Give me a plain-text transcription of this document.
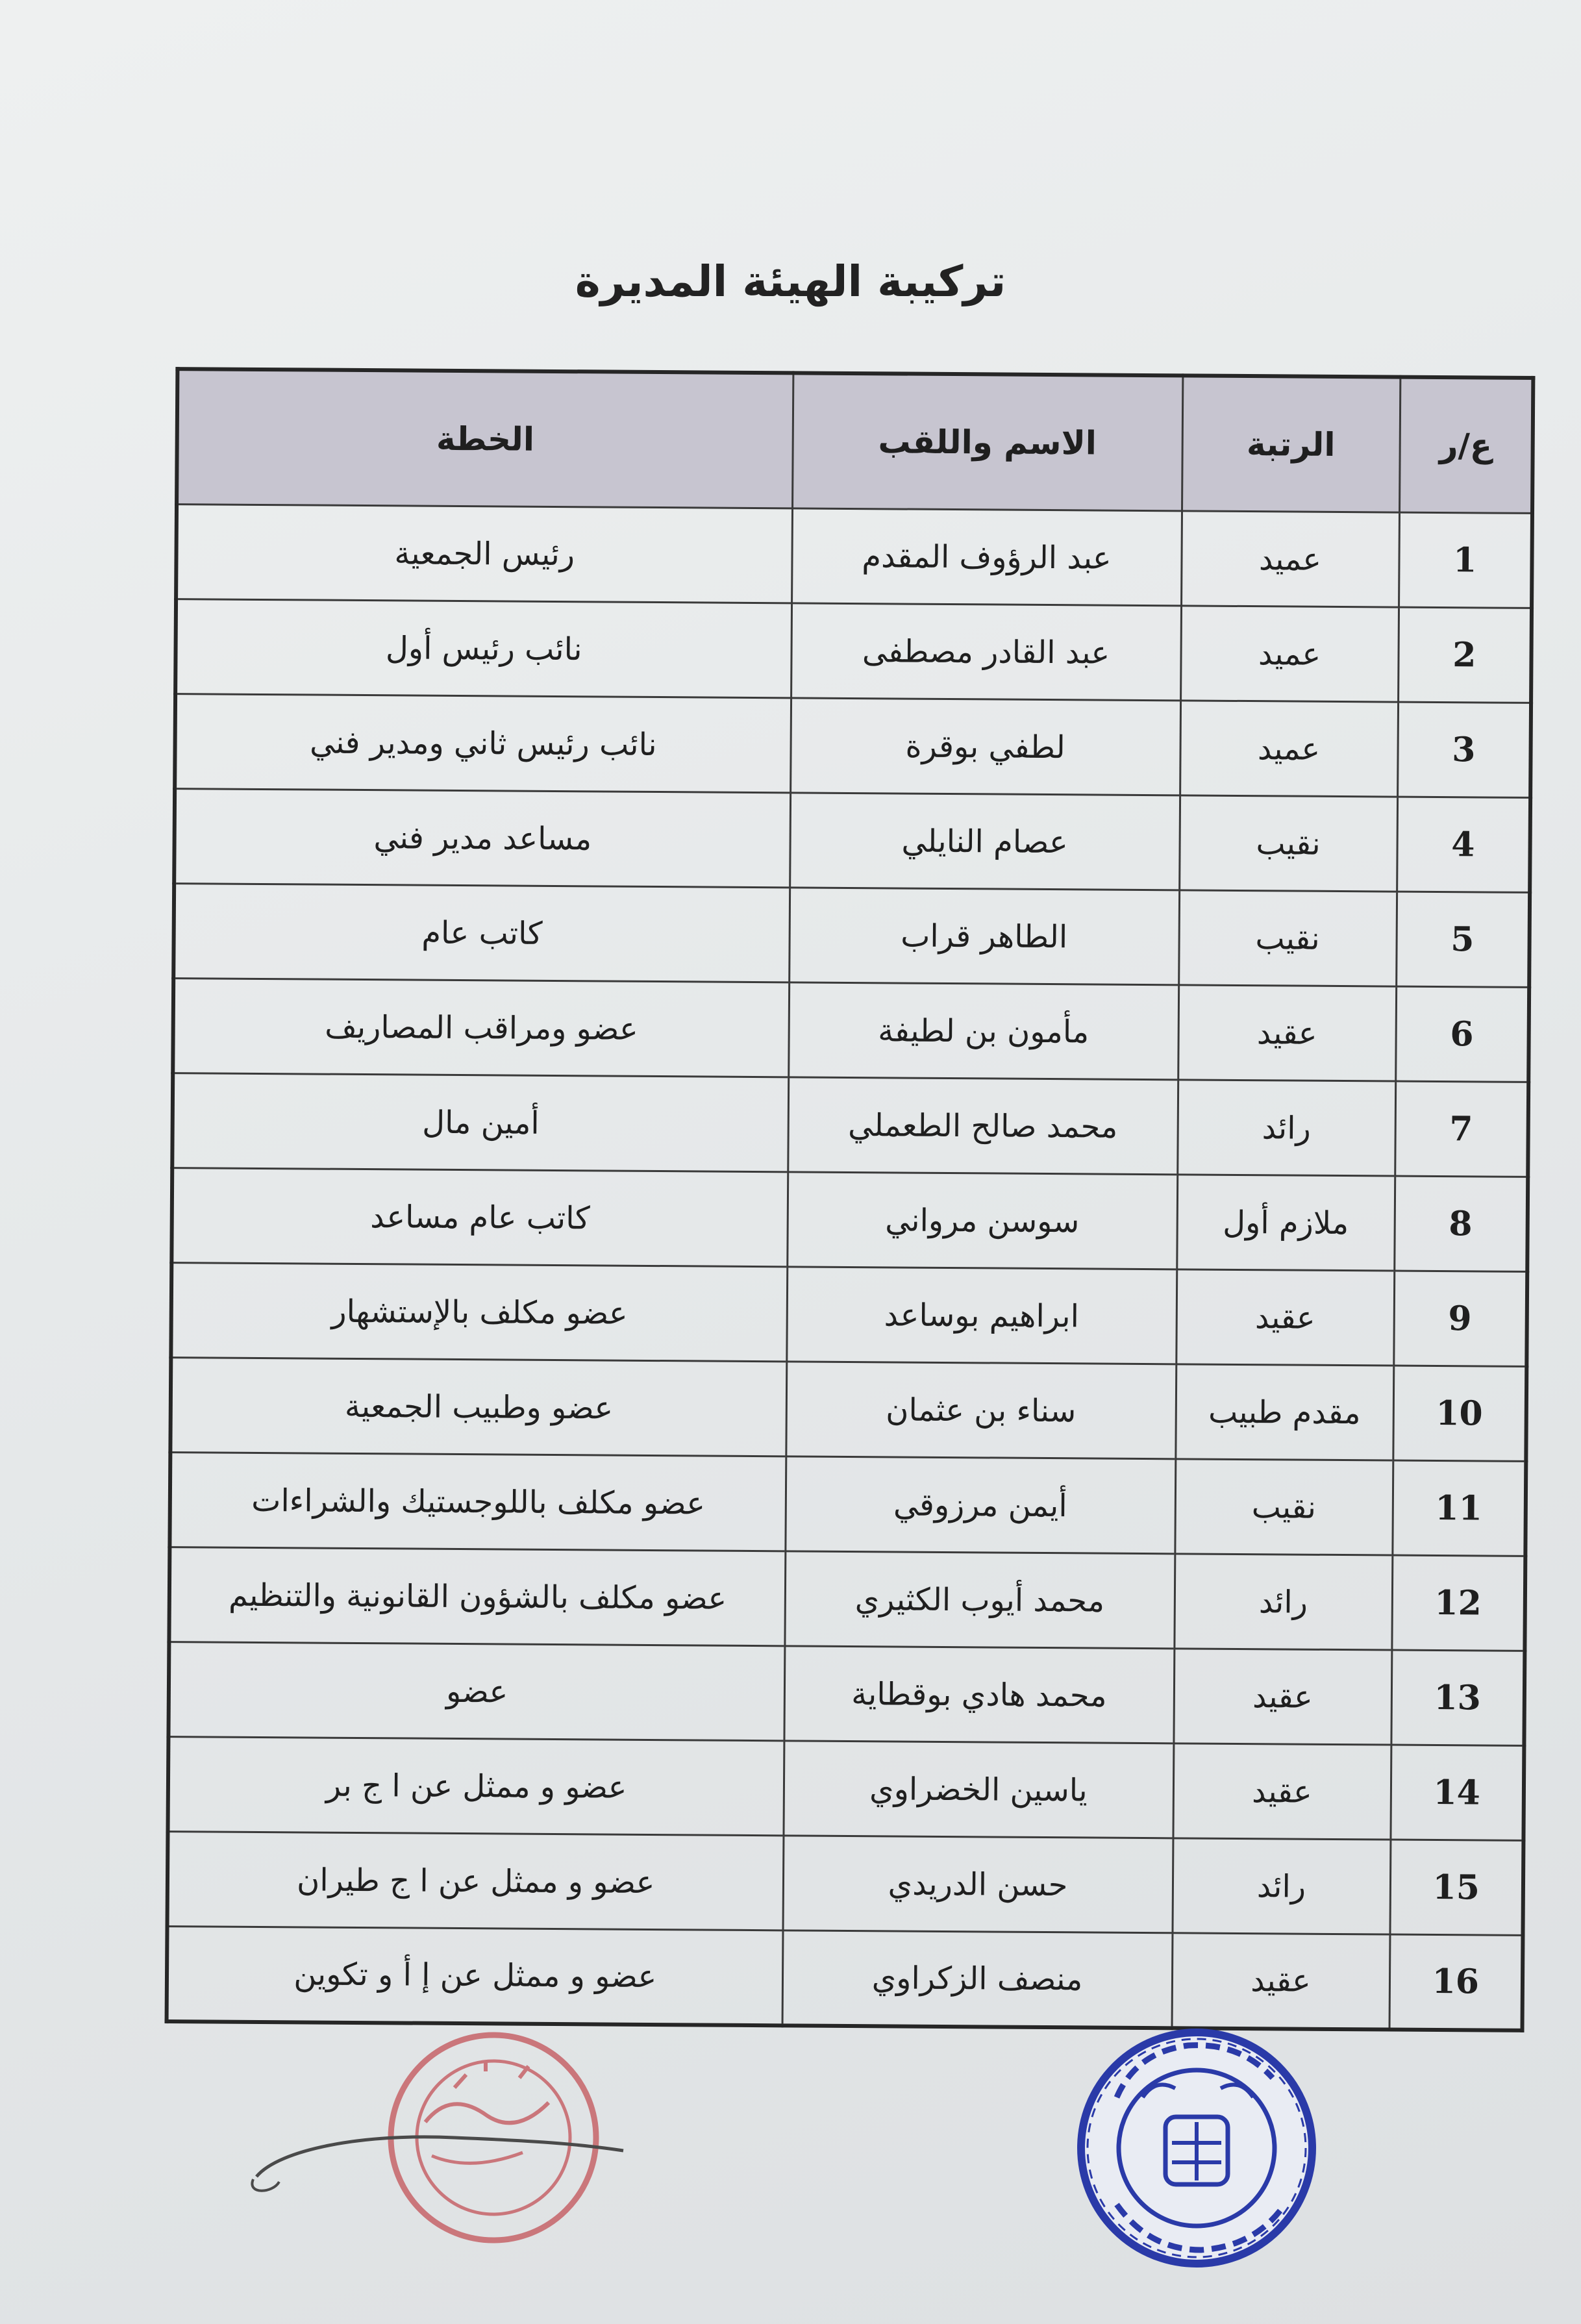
تركيبة الهيئة المديرة
ع/ر	الرتبة	الاسم واللقب	الخطة
1	عميد	عبد الرؤوف المقدم	رئيس الجمعية
2	عميد	عبد القادر مصطفى	نائب رئيس أول
3	عميد	لطفي بوقرة	نائب رئيس ثاني ومدير فني
4	نقيب	عصام النايلي	مساعد مدير فني
5	نقيب	الطاهر قراب	كاتب عام
6	عقيد	مأمون بن لطيفة	عضو ومراقب المصاريف
7	رائد	محمد صالح الطعملي	أمين مال
8	ملازم أول	سوسن مرواني	كاتب عام مساعد
9	عقيد	ابراهيم بوساعد	عضو مكلف بالإستشهار
10	مقدم طبيب	سناء بن عثمان	عضو وطبيب الجمعية
11	نقيب	أيمن مرزوقي	عضو مكلف باللوجستيك والشراءات
12	رائد	محمد أيوب الكثيري	عضو مكلف بالشؤون القانونية والتنظيم
13	عقيد	محمد هادي بوقطاية	عضو
14	عقيد	ياسين الخضراوي	عضو و ممثل عن ا ج بر
15	رائد	حسن الدريدي	عضو و ممثل عن ا ج طيران
16	عقيد	منصف الزكراوي	عضو و ممثل عن إ أ و تكوين
